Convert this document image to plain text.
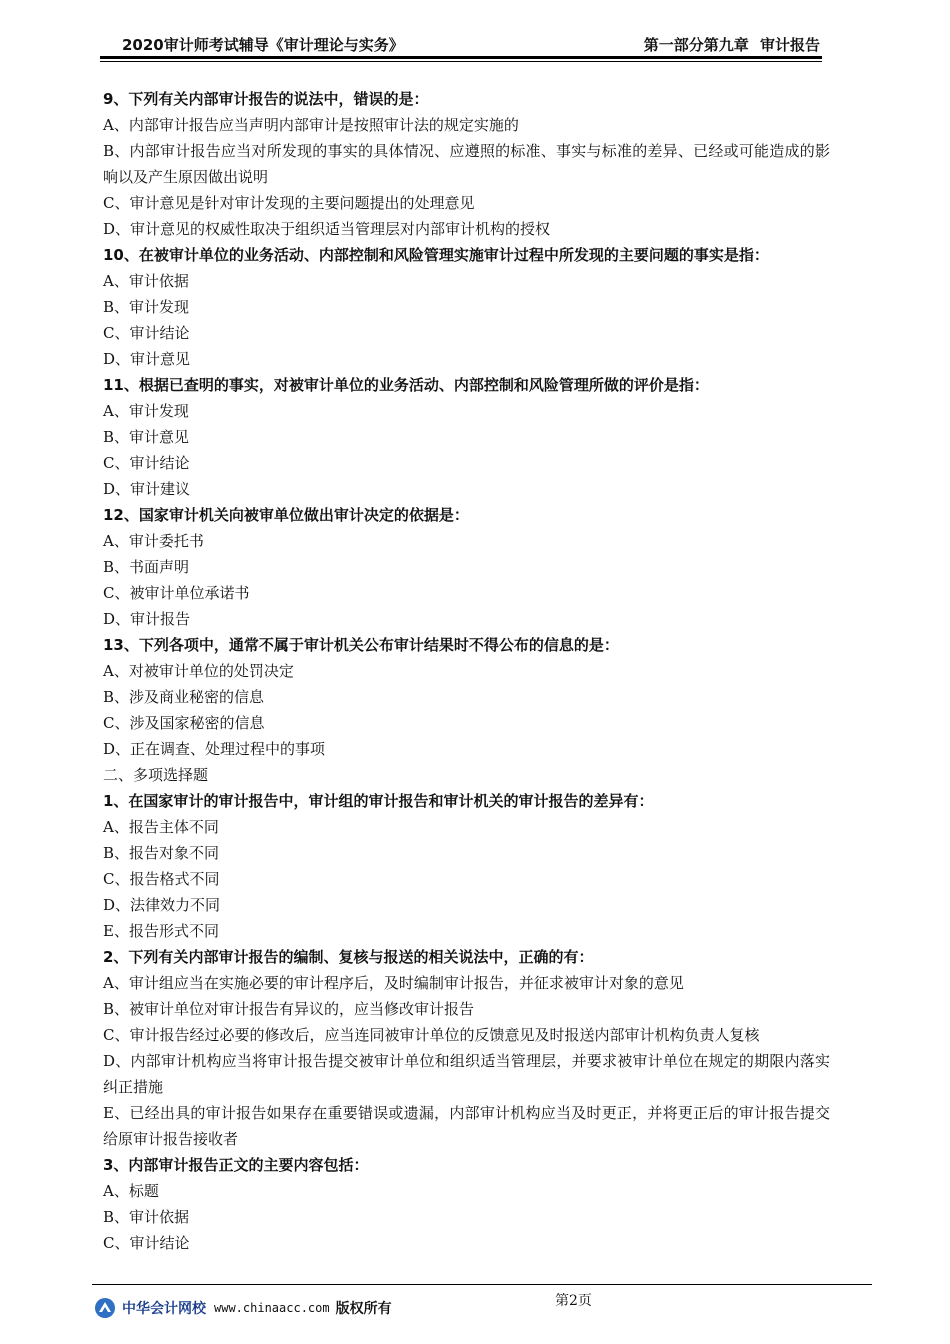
2020审计师考试辅导《审计理论与实务》	第一部分第九章 审计报告
9、下列有关内部审计报告的说法中，错误的是：
A、内部审计报告应当声明内部审计是按照审计法的规定实施的
B、内部审计报告应当对所发现的事实的具体情况、应遵照的标准、事实与标准的差异、已经或可能造成的影响以及产生原因做出说明
C、审计意见是针对审计发现的主要问题提出的处理意见
D、审计意见的权威性取决于组织适当管理层对内部审计机构的授权
10、在被审计单位的业务活动、内部控制和风险管理实施审计过程中所发现的主要问题的事实是指：
A、审计依据
B、审计发现
C、审计结论
D、审计意见
11、根据已查明的事实，对被审计单位的业务活动、内部控制和风险管理所做的评价是指：
A、审计发现
B、审计意见
C、审计结论
D、审计建议
12、国家审计机关向被审单位做出审计决定的依据是：
A、审计委托书
B、书面声明
C、被审计单位承诺书
D、审计报告
13、下列各项中，通常不属于审计机关公布审计结果时不得公布的信息的是：
A、对被审计单位的处罚决定
B、涉及商业秘密的信息
C、涉及国家秘密的信息
D、正在调查、处理过程中的事项
二、多项选择题
1、在国家审计的审计报告中，审计组的审计报告和审计机关的审计报告的差异有：
A、报告主体不同
B、报告对象不同
C、报告格式不同
D、法律效力不同
E、报告形式不同
2、下列有关内部审计报告的编制、复核与报送的相关说法中，正确的有：
A、审计组应当在实施必要的审计程序后，及时编制审计报告，并征求被审计对象的意见
B、被审计单位对审计报告有异议的，应当修改审计报告
C、审计报告经过必要的修改后，应当连同被审计单位的反馈意见及时报送内部审计机构负责人复核
D、内部审计机构应当将审计报告提交被审计单位和组织适当管理层，并要求被审计单位在规定的期限内落实纠正措施
E、已经出具的审计报告如果存在重要错误或遗漏，内部审计机构应当及时更正，并将更正后的审计报告提交给原审计报告接收者
3、内部审计报告正文的主要内容包括：
A、标题
B、审计依据
C、审计结论
中华会计网校 www.chinaacc.com 版权所有	第2页
